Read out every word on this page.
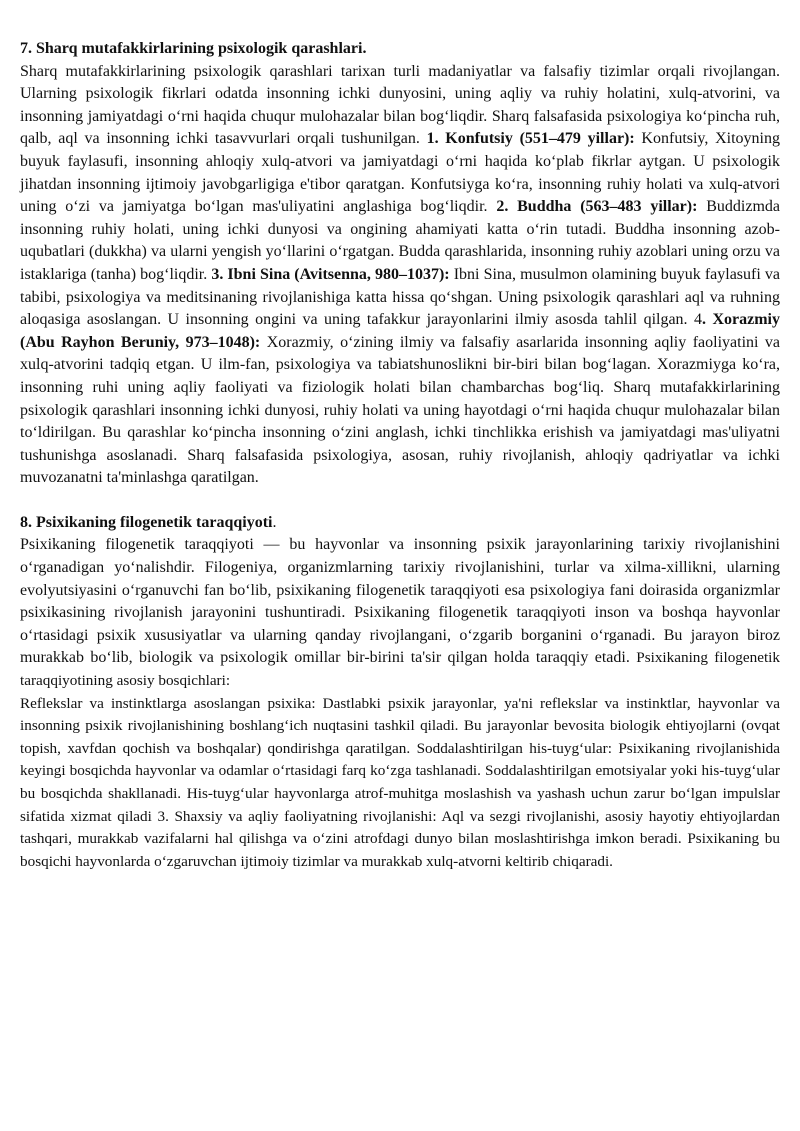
7. Sharq mutafakkirlarining psixologik qarashlari.
Sharq mutafakkirlarining psixologik qarashlari tarixan turli madaniyatlar va falsafiy tizimlar orqali rivojlangan. Ularning psixologik fikrlari odatda insonning ichki dunyosini, uning aqliy va ruhiy holatini, xulq-atvorini, va insonning jamiyatdagi oʻrni haqida chuqur mulohazalar bilan bogʻliqdir. Sharq falsafasida psixologiya koʻpincha ruh, qalb, aql va insonning ichki tasavvurlari orqali tushunilgan. 1. Konfutsiy (551–479 yillar): Konfutsiy, Xitoyning buyuk faylasufi, insonning ahloqiy xulq-atvori va jamiyatdagi oʻrni haqida koʻplab fikrlar aytgan. U psixologik jihatdan insonning ijtimoiy javobgarligiga e'tibor qaratgan. Konfutsiyga koʻra, insonning ruhiy holati va xulq-atvori uning oʻzi va jamiyatga boʻlgan mas'uliyatini anglashiga bogʻliqdir. 2. Buddha (563–483 yillar): Buddizmda insonning ruhiy holati, uning ichki dunyosi va ongining ahamiyati katta oʻrin tutadi. Buddha insonning azob-uqubatlari (dukkha) va ularni yengish yoʻllarini oʻrgatgan. Budda qarashlarida, insonning ruhiy azoblari uning orzu va istaklariga (tanha) bogʻliqdir. 3. Ibni Sina (Avitsenna, 980–1037): Ibni Sina, musulmon olamining buyuk faylasufi va tabibi, psixologiya va meditsinaning rivojlanishiga katta hissa qoʻshgan. Uning psixologik qarashlari aql va ruhning aloqasiga asoslangan. U insonning ongini va uning tafakkur jarayonlarini ilmiy asosda tahlil qilgan. 4. Xorazmiy (Abu Rayhon Beruniy, 973–1048): Xorazmiy, oʻzining ilmiy va falsafiy asarlarida insonning aqliy faoliyatini va xulq-atvorini tadqiq etgan. U ilm-fan, psixologiya va tabiatshunoslikni bir-biri bilan bogʻlagan. Xorazmiyga koʻra, insonning ruhi uning aqliy faoliyati va fiziologik holati bilan chambarchas bogʻliq. Sharq mutafakkirlarining psixologik qarashlari insonning ichki dunyosi, ruhiy holati va uning hayotdagi oʻrni haqida chuqur mulohazalar bilan toʻldirilgan. Bu qarashlar koʻpincha insonning oʻzini anglash, ichki tinchlikka erishish va jamiyatdagi mas'uliyatni tushunishga asoslanadi. Sharq falsafasida psixologiya, asosan, ruhiy rivojlanish, ahloqiy qadriyatlar va ichki muvozanatni ta'minlashga qaratilgan.

8. Psixikaning filogenetik taraqqiyoti.
Psixikaning filogenetik taraqqiyoti — bu hayvonlar va insonning psixik jarayonlarining tarixiy rivojlanishini oʻrganadigan yoʻnalishdir. Filogeniya, organizmlarning tarixiy rivojlanishini, turlar va xilma-xillikni, ularning evolyutsiyasini oʻrganuvchi fan boʻlib, psixikaning filogenetik taraqqiyoti esa psixologiya fani doirasida organizmlar psixikasining rivojlanish jarayonini tushuntiradi. Psixikaning filogenetik taraqqiyoti inson va boshqa hayvonlar oʻrtasidagi psixik xususiyatlar va ularning qanday rivojlangani, oʻzgarib borganini oʻrganadi. Bu jarayon biroz murakkab boʻlib, biologik va psixologik omillar bir-birini ta'sir qilgan holda taraqqiy etadi. Psixikaning filogenetik taraqqiyotining asosiy bosqichlari:

Reflekslar va instinktlarga asoslangan psixika: Dastlabki psixik jarayonlar, ya'ni reflekslar va instinktlar, hayvonlar va insonning psixik rivojlanishining boshlangʻich nuqtasini tashkil qiladi. Bu jarayonlar bevosita biologik ehtiyojlarni (ovqat topish, xavfdan qochish va boshqalar) qondirishga qaratilgan. Soddalashtirilgan his-tuygʻular: Psixikaning rivojlanishida keyingi bosqichda hayvonlar va odamlar oʻrtasidagi farq koʻzga tashlanadi. Soddalashtirilgan emotsiyalar yoki his-tuygʻular bu bosqichda shakllanadi. His-tuygʻular hayvonlarga atrof-muhitga moslashish va yashash uchun zarur boʻlgan impulslar sifatida xizmat qiladi 3. Shaxsiy va aqliy faoliyatning rivojlanishi: Aql va sezgi rivojlanishi, asosiy hayotiy ehtiyojlardan tashqari, murakkab vazifalarni hal qilishga va oʻzini atrofdagi dunyo bilan moslashtirishga imkon beradi. Psixikaning bu bosqichi hayvonlarda oʻzgaruvchan ijtimoiy tizimlar va murakkab xulq-atvorni keltirib chiqaradi.
